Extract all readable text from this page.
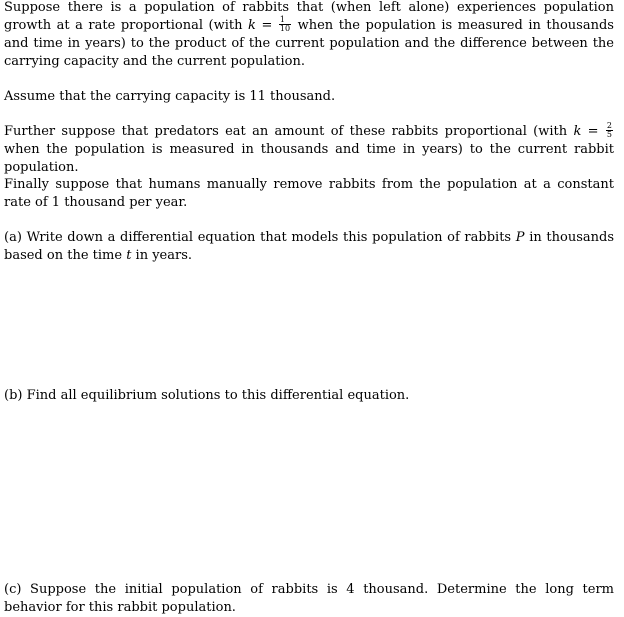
Suppose there is a population of rabbits that (when left alone) experiences population growth at a rate proportional (with $k = \frac{1}{10}$ when the population is measured in thousands and time in years) to the product of the current population and the difference between the carrying capacity and the current population.

Assume that the carrying capacity is 11 thousand.

Further suppose that predators eat an amount of these rabbits proportional (with $k = \frac{2}{5}$
when the population is measured in thousands and time in years) to the current rabbit population.

Finally suppose that humans manually remove rabbits from the population at a constant rate of 1 thousand per year.

(a) Write down a differential equation that models this population of rabbits P in thousands based on the time t in years.

(b) Find all equilibrium solutions to this differential equation.

(c) Suppose the initial population of rabbits is 4 thousand. Determine the long term behavior for this rabbit population.
